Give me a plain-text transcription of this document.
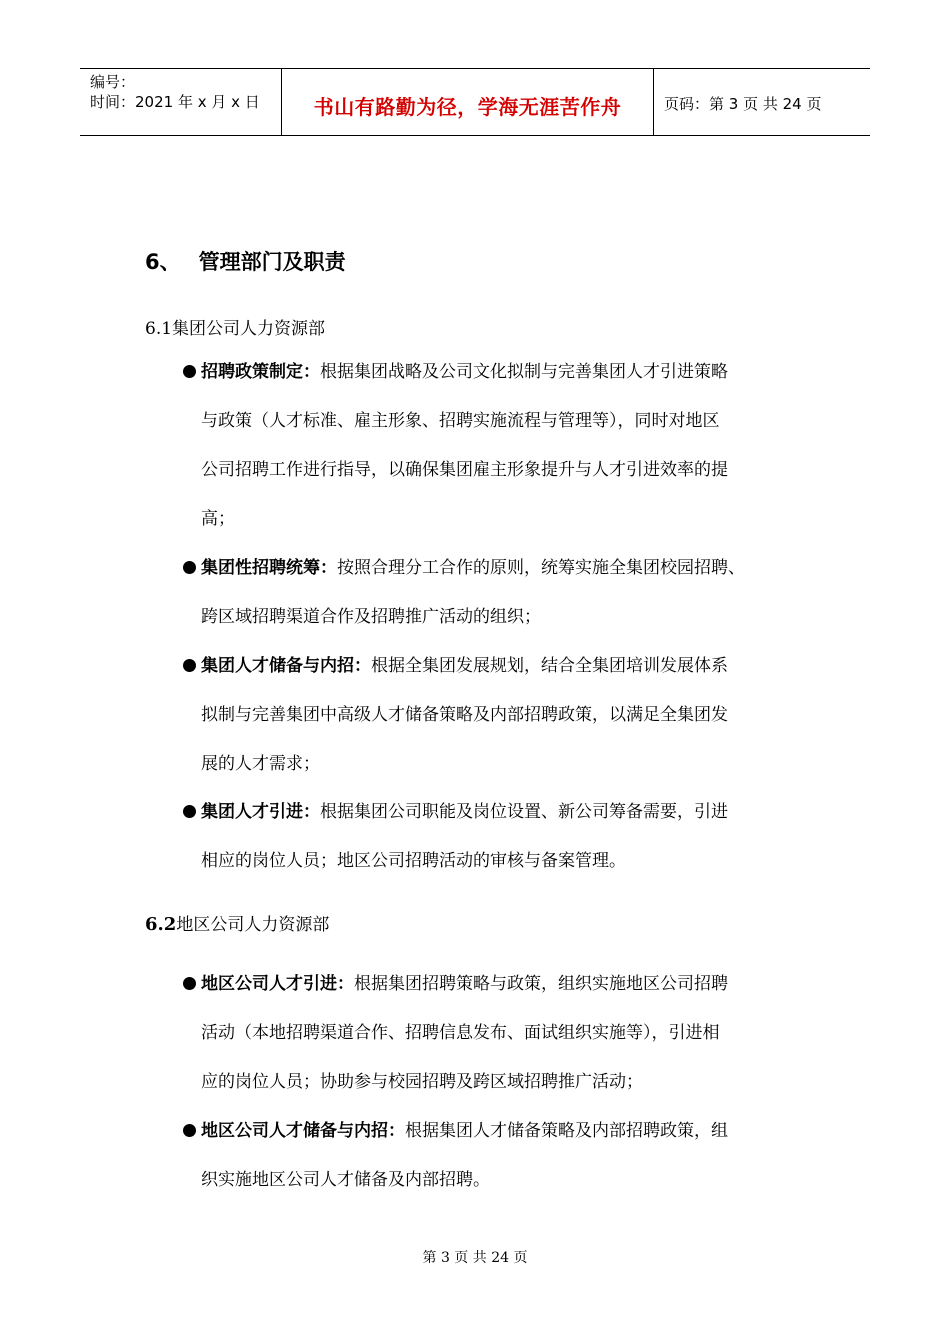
编号：
时间：2021 年 x 月 x 日	书山有路勤为径，学海无涯苦作舟	页码：第 3 页 共 24 页
6、 管理部门及职责
6.1集团公司人力资源部
招聘政策制定：根据集团战略及公司文化拟制与完善集团人才引进策略
与政策（人才标准、雇主形象、招聘实施流程与管理等），同时对地区
公司招聘工作进行指导，以确保集团雇主形象提升与人才引进效率的提
高；
集团性招聘统筹：按照合理分工合作的原则，统筹实施全集团校园招聘、
跨区域招聘渠道合作及招聘推广活动的组织；
集团人才储备与内招：根据全集团发展规划，结合全集团培训发展体系
拟制与完善集团中高级人才储备策略及内部招聘政策，以满足全集团发
展的人才需求；
集团人才引进：根据集团公司职能及岗位设置、新公司筹备需要，引进
相应的岗位人员；地区公司招聘活动的审核与备案管理。
6.2地区公司人力资源部
地区公司人才引进：根据集团招聘策略与政策，组织实施地区公司招聘
活动（本地招聘渠道合作、招聘信息发布、面试组织实施等），引进相
应的岗位人员；协助参与校园招聘及跨区域招聘推广活动；
地区公司人才储备与内招：根据集团人才储备策略及内部招聘政策，组
织实施地区公司人才储备及内部招聘。
第 3 页 共 24 页
